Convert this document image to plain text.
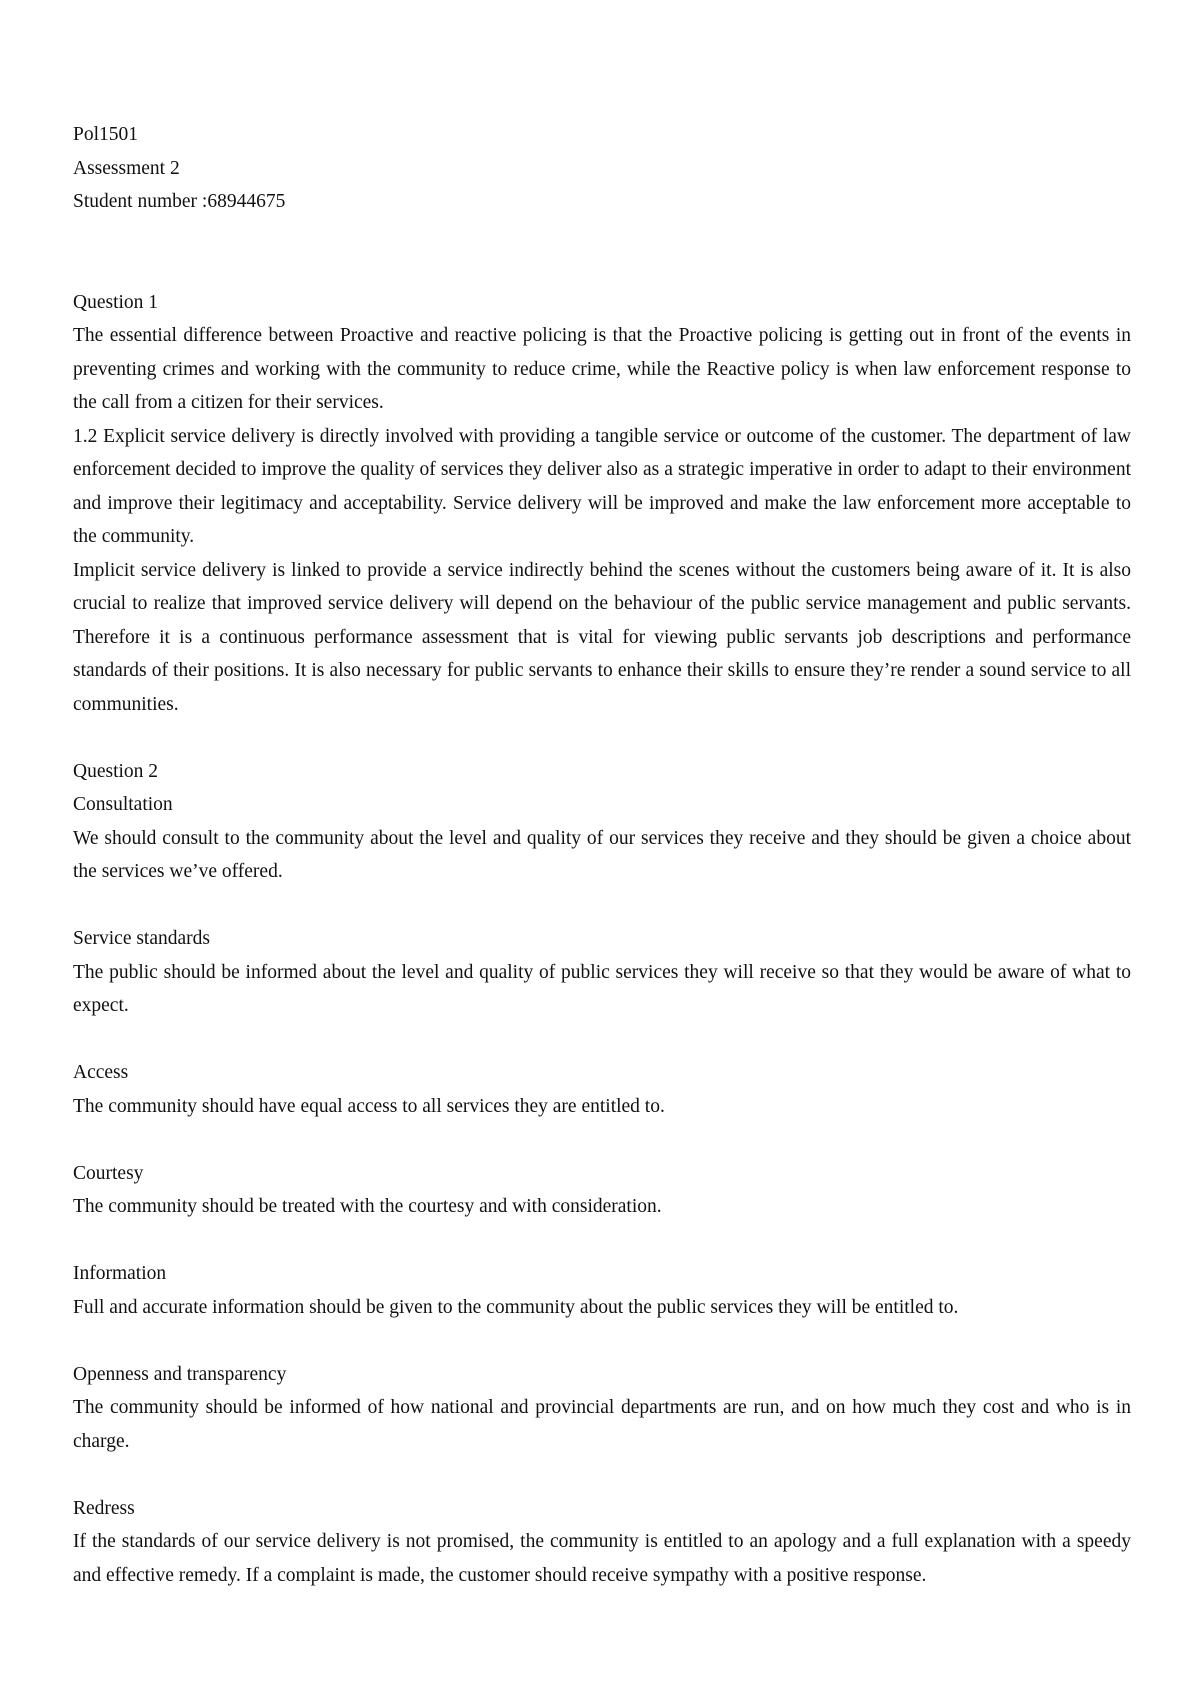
Pol1501
Assessment 2
Student number :68944675
Question 1

The essential difference between Proactive and reactive policing is that the Proactive policing is getting out in front of the events in preventing crimes and working with the community to reduce crime, while the Reactive policy is when law enforcement response to the call from a citizen for their services.

1.2 Explicit service delivery is directly involved with providing a tangible service or outcome of the customer. The department of law enforcement decided to improve the quality of services they deliver also as a strategic imperative in order to adapt to their environment and improve their legitimacy and acceptability. Service delivery will be improved and make the law enforcement more acceptable to the community.

Implicit service delivery is linked to provide a service indirectly behind the scenes without the customers being aware of it. It is also crucial to realize that improved service delivery will depend on the behaviour of the public service management and public servants. Therefore it is a continuous performance assessment that is vital for viewing public servants job descriptions and performance standards of their positions. It is also necessary for public servants to enhance their skills to ensure they’re render a sound service to all communities.

Question 2
Consultation

We should consult to the community about the level and quality of our services they receive and they should be given a choice about the services we’ve offered.

Service standards

The public should be informed about the level and quality of public services they will receive so that they would be aware of what to expect.

Access

The community should have equal access to all services they are entitled to.

Courtesy

The community should be treated with the courtesy and with consideration.

Information

Full and accurate information should be given to the community about the public services they will be entitled to.

Openness and transparency

The community should be informed of how national and provincial departments are run, and on how much they cost and who is in charge.

Redress

If the standards of our service delivery is not promised, the community is entitled to an apology and a full explanation with a speedy and effective remedy. If a complaint is made, the customer should receive sympathy with a positive response.
